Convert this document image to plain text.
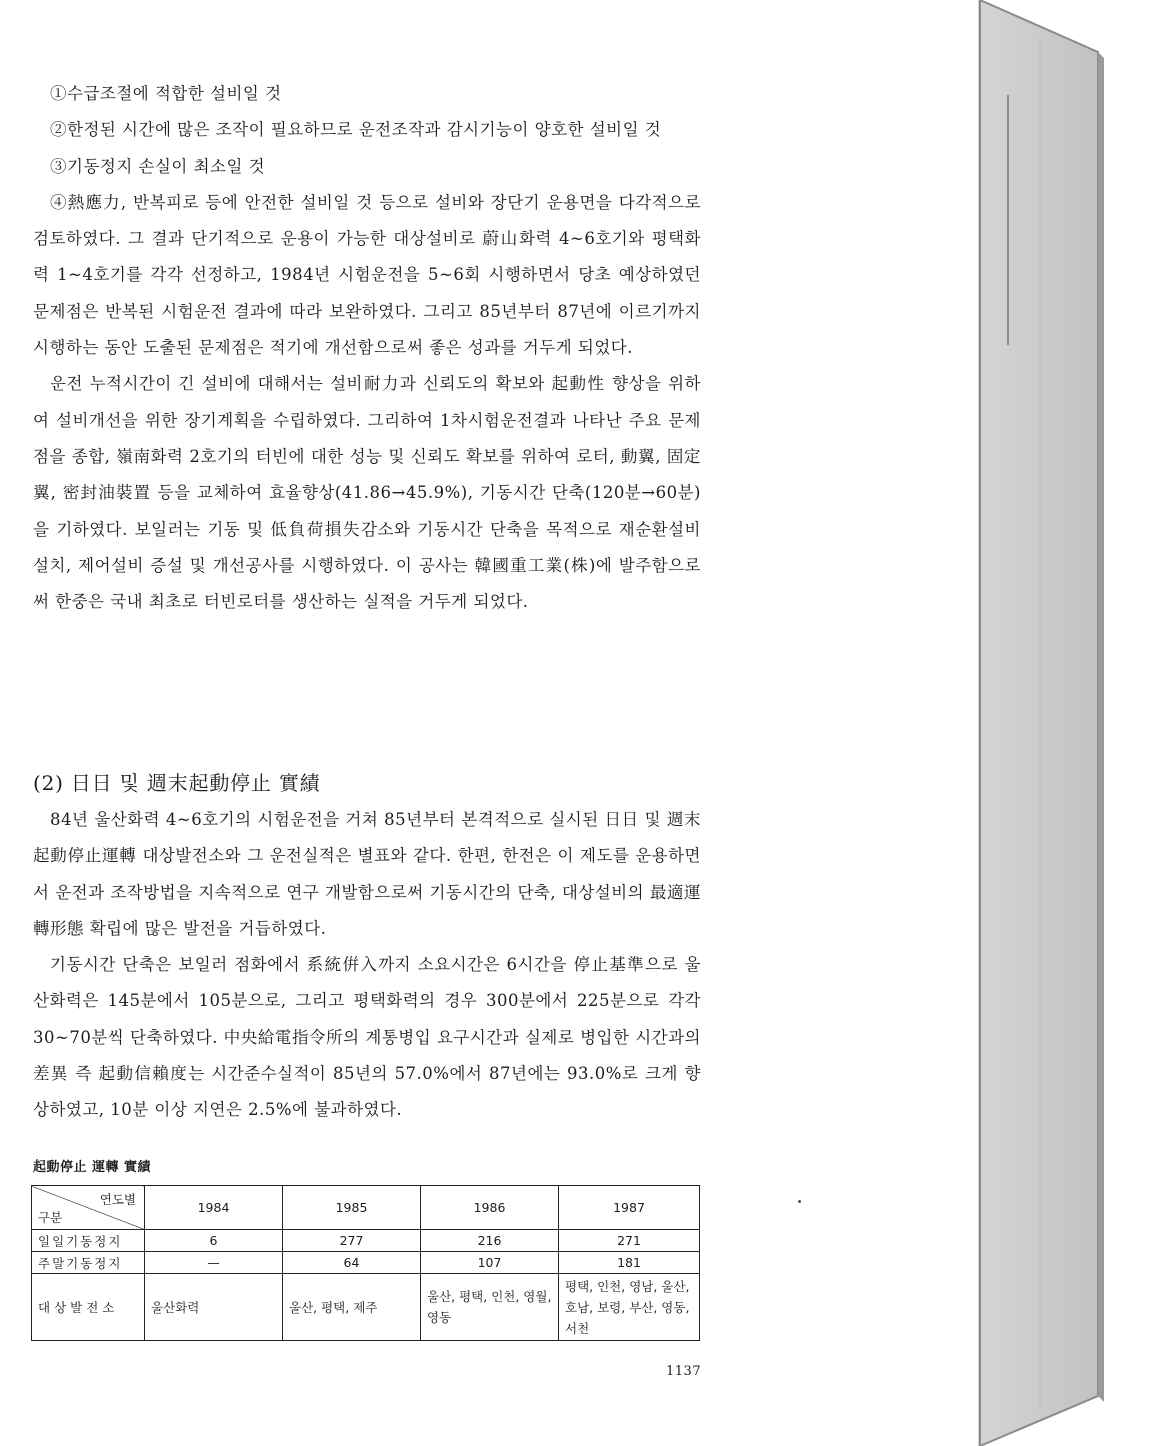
①수급조절에 적합한 설비일 것

②한정된 시간에 많은 조작이 필요하므로 운전조작과 감시기능이 양호한 설비일 것

③기동정지 손실이 최소일 것

④熱應力, 반복피로 등에 안전한 설비일 것 등으로 설비와 장단기 운용면을 다각적으로 검토하였다. 그 결과 단기적으로 운용이 가능한 대상설비로 蔚山화력 4~6호기와 평택화력 1~4호기를 각각 선정하고, 1984년 시험운전을 5~6회 시행하면서 당초 예상하였던 문제점은 반복된 시험운전 결과에 따라 보완하였다. 그리고 85년부터 87년에 이르기까지 시행하는 동안 도출된 문제점은 적기에 개선함으로써 좋은 성과를 거두게 되었다.

운전 누적시간이 긴 설비에 대해서는 설비耐力과 신뢰도의 확보와 起動性 향상을 위하여 설비개선을 위한 장기계획을 수립하였다. 그리하여 1차시험운전결과 나타난 주요 문제점을 종합, 嶺南화력 2호기의 터빈에 대한 성능 및 신뢰도 확보를 위하여 로터, 動翼, 固定翼, 密封油裝置 등을 교체하여 효율향상(41.86→45.9%), 기동시간 단축(120분→60분)을 기하였다. 보일러는 기동 및 低負荷損失감소와 기동시간 단축을 목적으로 재순환설비 설치, 제어설비 증설 및 개선공사를 시행하였다. 이 공사는 韓國重工業(株)에 발주함으로써 한중은 국내 최초로 터빈로터를 생산하는 실적을 거두게 되었다.

(2) 日日 및 週末起動停止 實績

84년 울산화력 4~6호기의 시험운전을 거쳐 85년부터 본격적으로 실시된 日日 및 週末起動停止運轉 대상발전소와 그 운전실적은 별표와 같다. 한편, 한전은 이 제도를 운용하면서 운전과 조작방법을 지속적으로 연구 개발함으로써 기동시간의 단축, 대상설비의 最適運轉形態 확립에 많은 발전을 거듭하였다.

기동시간 단축은 보일러 점화에서 系統倂入까지 소요시간은 6시간을 停止基準으로 울산화력은 145분에서 105분으로, 그리고 평택화력의 경우 300분에서 225분으로 각각 30~70분씩 단축하였다. 中央給電指令所의 계통병입 요구시간과 실제로 병입한 시간과의 差異 즉 起動信賴度는 시간준수실적이 85년의 57.0%에서 87년에는 93.0%로 크게 향상하였고, 10분 이상 지연은 2.5%에 불과하였다.

起動停止 運轉 實績
연도별
구분	1984	1985	1986	1987
일일기동정지	6	277	216	271
주말기동정지	—	64	107	181
대상발전소	울산화력	울산, 평택, 제주	울산, 평택, 인천, 영월, 영동	평택, 인천, 영남, 울산, 호남, 보령, 부산, 영동, 서천
1137
